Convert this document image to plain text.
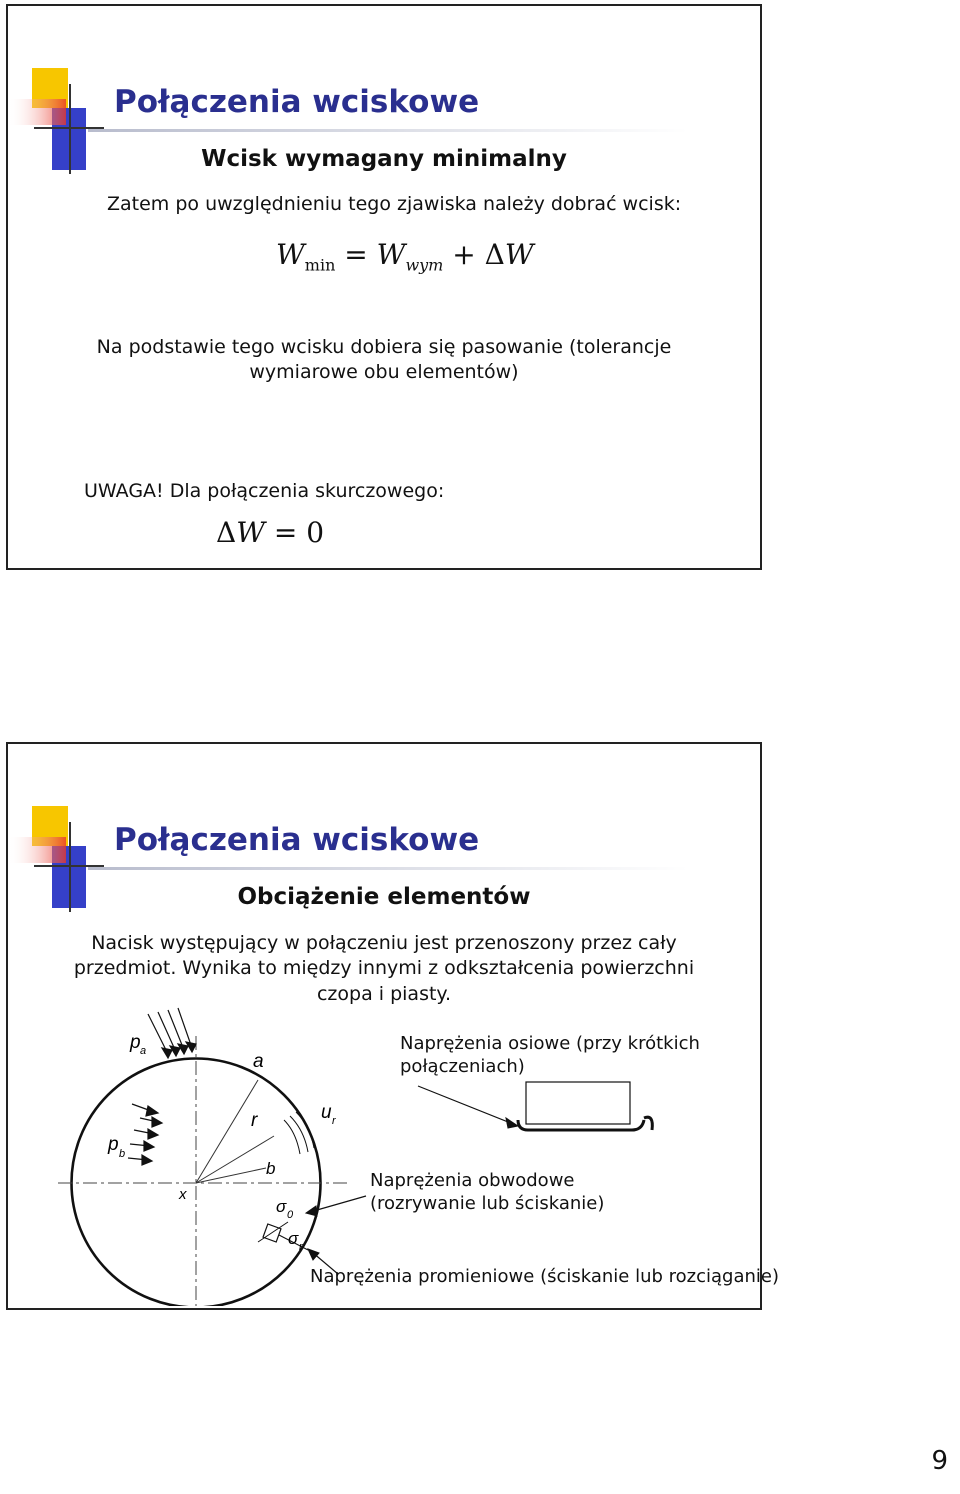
Połączenia wciskowe
Wcisk wymagany minimalny
Zatem po uwzględnieniu tego zjawiska należy dobrać wcisk:
$W_{min} = W_{wym} + \Delta W$
Na podstawie tego wcisku dobiera się pasowanie (tolerancje
wymiarowe obu elementów)
UWAGA! Dla połączenia skurczowego:
ΔW = 0
Połączenia wciskowe
Obciążenie elementów
Nacisk występujący w połączeniu jest przenoszony przez cały
przedmiot. Wynika to między innymi z odkształcenia powierzchni
czopa i piasty.
p a	a
r	u r
p b
b
x
σ 0
σ r
Naprężenia osiowe (przy krótkich
połączeniach)
Naprężenia obwodowe
(rozrywanie lub ściskanie)
Naprężenia promieniowe (ściskanie lub rozciąganie)
9
